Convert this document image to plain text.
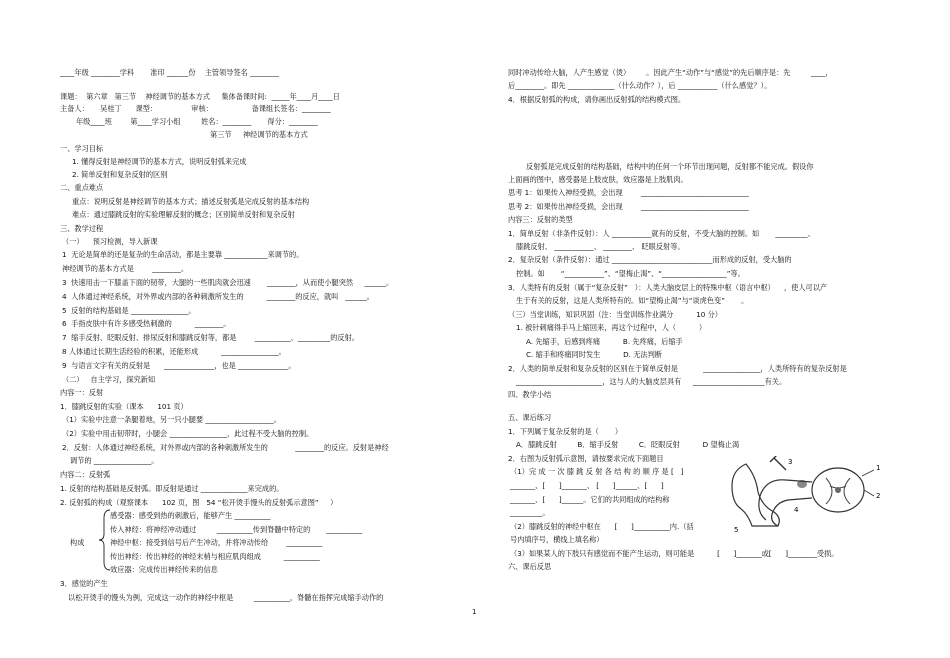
____年级 ________学科       准印 ______份    主管领导签名 ________
课题：  第六章   第三节    神经调节的基本方式     集体备课时间:  _____年____月____日
主备人：     吴桂丁      课型：               审核：                 备课组长签名：________
年级____班        第____学习小组         姓名：________       得分：________
第三节     神经调节的基本方式
一、学习目标
1. 懂得反射是神经调节的基本方式，说明反射弧来完成
2. 简单反射和复杂反射的区别
二、重点难点
重点：说明反射是神经调节的基本方式；描述反射弧是完成反射的基本结构
难点：通过膝跳反射的实验理解反射的概念；区别简单反射和复杂反射
三、教学过程
（一）    预习检测，导入新课
1  无论是简单的还是复杂的生命活动，都是主要靠 ____________来调节的。
神经调节的基本方式是        ________。
3  快速用击一下膝盖下面的韧带，大腿的一些肌肉就会迅速       ________，从而使小腿突然     ______。
4  人体通过神经系统，对外界或内部的各种刺激所发生的          ________的反应，就叫   ______。
5  反射的结构基础是 ________________。
6  手指皮肤中有许多感受热刺激的          ________。
7  缩手反射、眨眼反射、排尿反射和膝跳反射等，都是        __________、_________的反射。
8 人体通过长期生活经验的积累，还能形成          ________________。
9  与语言文字有关的反射是      ______________，也是 ______________。
（二）   自主学习，探究新知
内容一：反射
1．膝跳反射的实验（课本      101 页）
（1）实验中注意一条腿着地，另一只小腿要 ___________________。
（2）实验中用击韧带时，小腿会 ________________，此过程不受大脑的控制。
2．反射：人体通过神经系统，对外界或内部的各种刺激所发生的            ________的反应。反射是神经
调节的 ________________。
内容二：反射弧
1. 反射的结构基础是反射弧。即反射是通过 _____________来完成的。
2. 反射弧的构成（观察课本      102 页，图   54 “松开烫手馒头的反射弧示意图”     ）
感受器：感受到热的刺激后，能够产生 __________
传入神经：将神经冲动通过         __________传到脊髓中特定的       __________
构成	神经中枢：接受到信号后产生冲动，并将冲动传给        __________
传出神经：传出神经的神经末梢与相应肌肉组成          __________
效应器：完成传出神经传来的信息
3．感觉的产生
以松开烫手的馒头为例，完成这一动作的神经中枢是         __________，脊髓在指挥完成缩手动作的
1
2
3
4
5
同时冲动传给大脑，人产生感觉（烫）       。因此产生“动作”与“感觉”的先后顺序是：先         ____，
后________。即先 _____________（什么动作？），后 ___________（什么感觉？）。
4．根据反射弧的构成，请你画出反射弧的结构模式图。
反射弧是完成反射的结构基础，结构中的任何一个环节出现问题，反射都不能完成。假设你
上面画的图中，感受器是上肢皮肤，效应器是上肢肌肉。
思考 1：如果传入神经受损，会出现        ______________________________
思考 2：如果传出神经受损，会出现        ______________________________
内容三：反射的类型
1．简单反射（非条件反射）：人 ___________就有的反射，不受大脑的控制。如       _________、
膝跳反射、 ___________、 ________、 眨眼反射等。
2．复杂反射（条件反射）：通过 ____________________________而形成的反射，受大脑的
控制。如       “___________”、“望梅止渴”、“__________________”等。
3．人类特有的反射（属于“复杂反射”   ）：人类大脑皮层上的特殊中枢（语言中枢）    ，使人可以产
生于有关的反射，这是人类所特有的。如“望梅止渴”与“谈虎色变”       。
（三）当堂训练，知识巩固（注：当堂训练作业满分          10 分）
1. 被针刺痛得手马上缩回来，再这个过程中，人（          ）
A. 先缩手，后感到疼痛          B. 先疼痛，后缩手
C. 缩手和疼痛同时发生          D. 无法判断
2．人类的简单反射和复杂反射的区别在于简单反射是           ________________，人类所特有的复杂反射是
________________________，这与人的大脑皮层具有     ____________________有关。
四、教学小结
五、课后练习
1．下列属于复杂反射的是（       ）
A．膝跳反射         B．缩手反射         C．眨眼反射          D 望梅止渴
2．右图为反射弧示意图，请按要求完成下面题目
（1）完 成 一 次 膝 跳 反 射 各 结 构 的 顺 序 是 [   ]
_______、[      ]_______、 [      ]______、[      ]
_______、[      ]______。它们的共同组成的结构称
_________。
（2）膝跳反射的神经中枢在      [      ]__________内.（括
号内填序号，横线上填名称）
（3）如果某人的下肢只有感觉而不能产生运动，则可能是          [      ]_______或[      ]________受损。
六、课后反思
1
